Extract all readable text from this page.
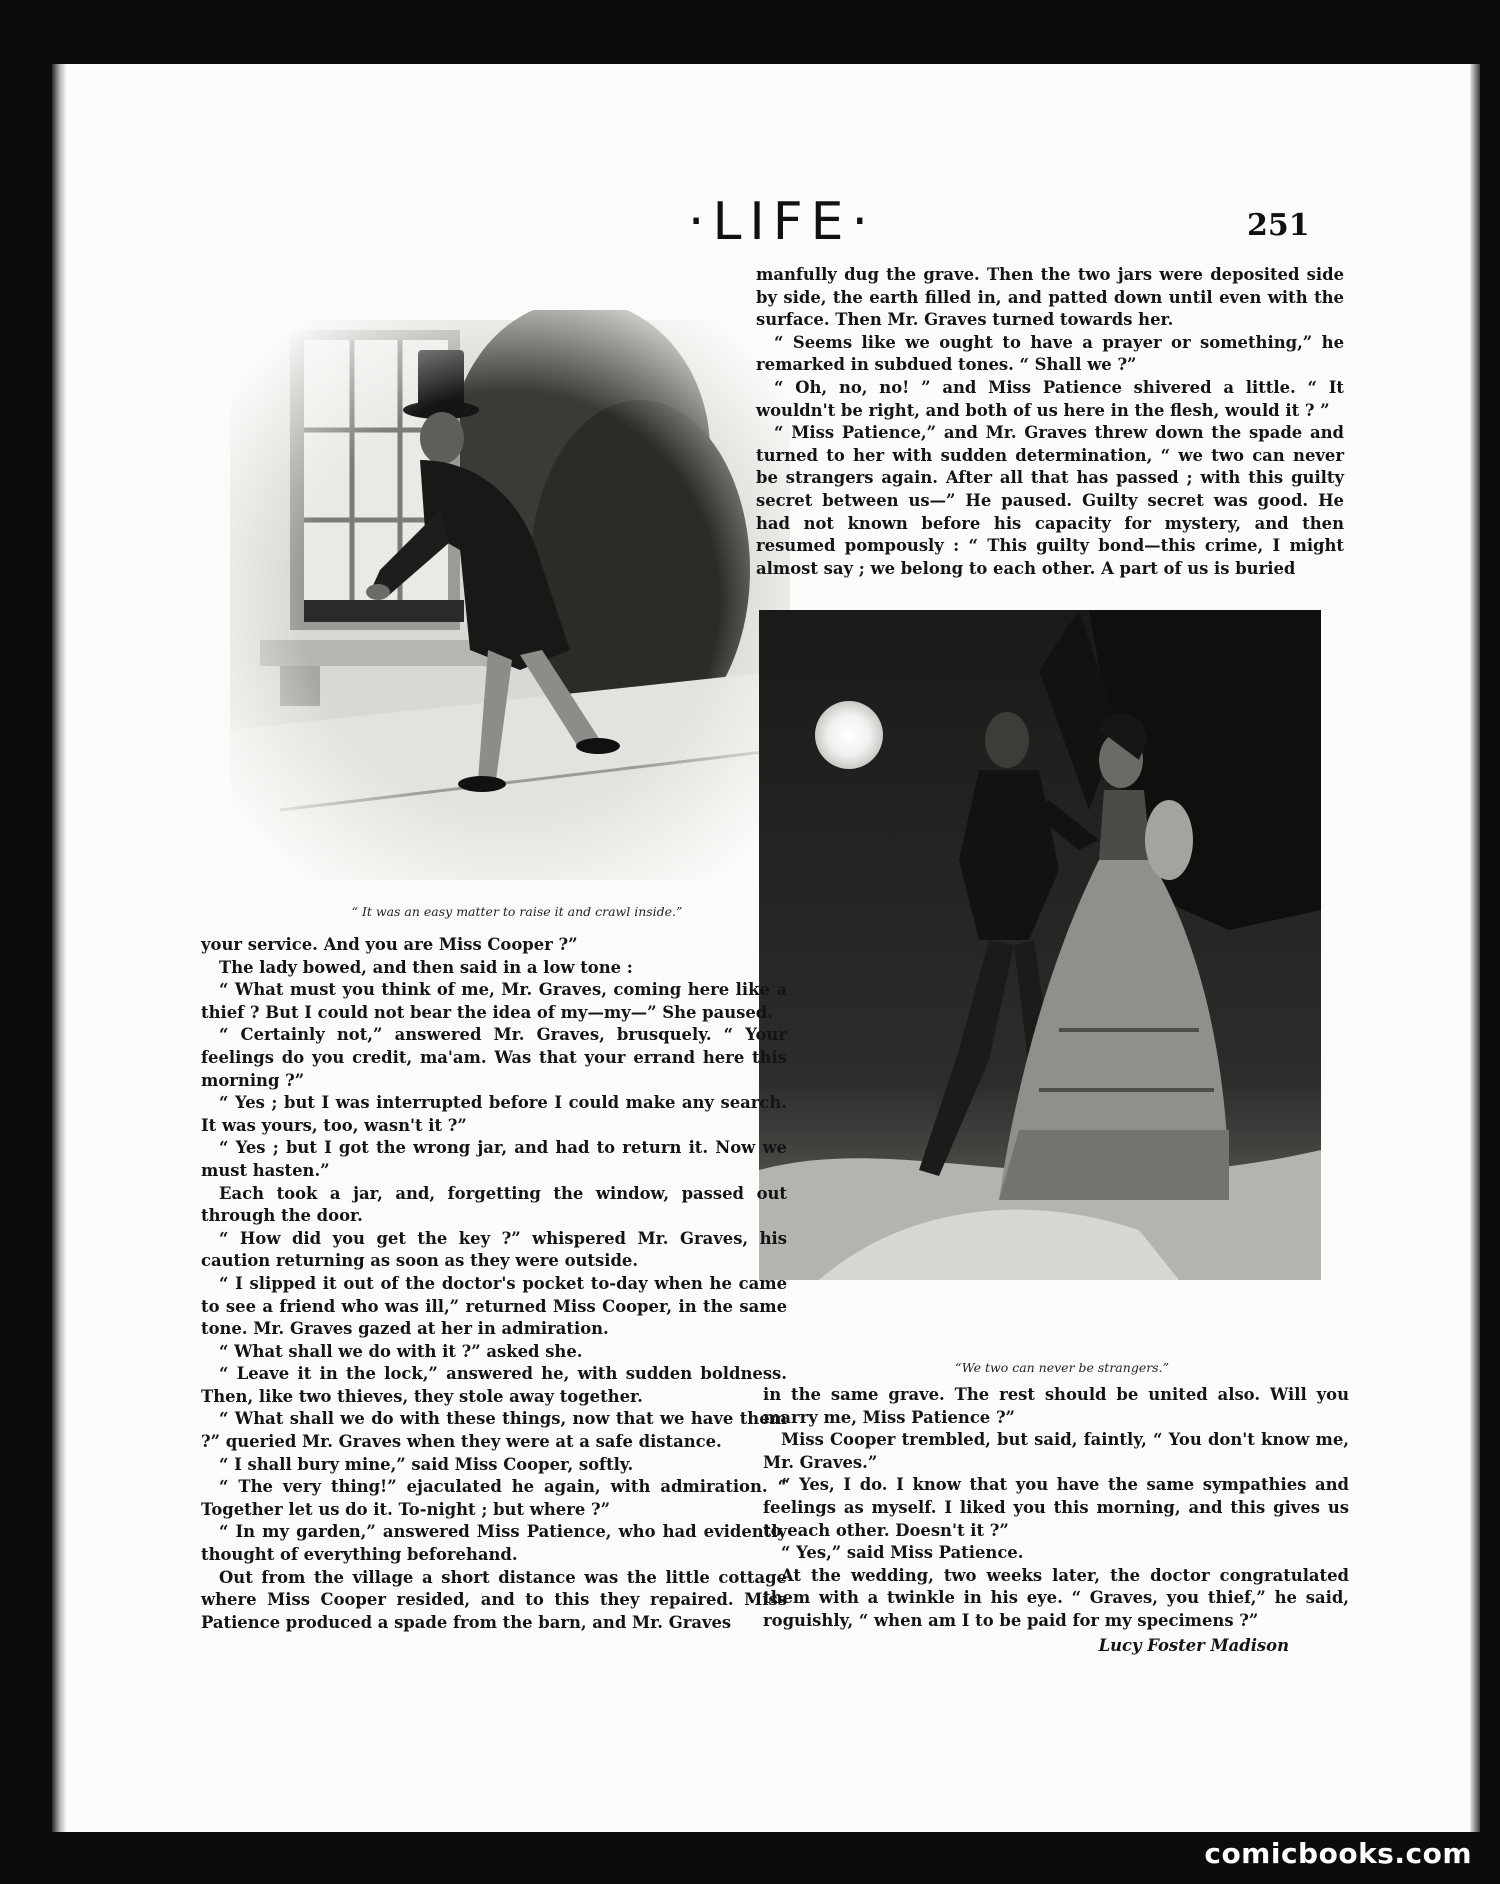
·LIFE·	251
“ It was an easy matter to raise it and crawl inside.”

manfully dug the grave. Then the two jars were deposited side by side, the earth filled in, and patted down until even with the surface. Then Mr. Graves turned towards her.

“ Seems like we ought to have a prayer or something,” he remarked in subdued tones. “ Shall we ?”

“ Oh, no, no! ” and Miss Patience shivered a little. “ It wouldn't be right, and both of us here in the flesh, would it ? ”

“ Miss Patience,” and Mr. Graves threw down the spade and turned to her with sudden determination, “ we two can never be strangers again. After all that has passed ; with this guilty secret between us—” He paused. Guilty secret was good. He had not known before his capacity for mystery, and then resumed pompously : “ This guilty bond—this crime, I might almost say ; we belong to each other. A part of us is buried

“We two can never be strangers.”

your service. And you are Miss Cooper ?”

The lady bowed, and then said in a low tone :

“ What must you think of me, Mr. Graves, coming here like a thief ? But I could not bear the idea of my—my—” She paused.

“ Certainly not,” answered Mr. Graves, brusquely. “ Your feelings do you credit, ma'am. Was that your errand here this morning ?”

“ Yes ; but I was interrupted before I could make any search. It was yours, too, wasn't it ?”

“ Yes ; but I got the wrong jar, and had to return it. Now we must hasten.”

Each took a jar, and, forgetting the window, passed out through the door.

“ How did you get the key ?” whispered Mr. Graves, his caution returning as soon as they were outside.

“ I slipped it out of the doctor's pocket to-day when he came to see a friend who was ill,” returned Miss Cooper, in the same tone. Mr. Graves gazed at her in admiration.

“ What shall we do with it ?” asked she.

“ Leave it in the lock,” answered he, with sudden boldness. Then, like two thieves, they stole away together.

“ What shall we do with these things, now that we have them ?” queried Mr. Graves when they were at a safe distance.

“ I shall bury mine,” said Miss Cooper, softly.

“ The very thing!” ejaculated he again, with admiration. “ Together let us do it. To-night ; but where ?”

“ In my garden,” answered Miss Patience, who had evidently thought of everything beforehand.

Out from the village a short distance was the little cottage where Miss Cooper resided, and to this they repaired. Miss Patience produced a spade from the barn, and Mr. Graves

in the same grave. The rest should be united also. Will you marry me, Miss Patience ?”

Miss Cooper trembled, but said, faintly, “ You don't know me, Mr. Graves.”

“ Yes, I do. I know that you have the same sympathies and feelings as myself. I liked you this morning, and this gives us to each other. Doesn't it ?”

“ Yes,” said Miss Patience.

At the wedding, two weeks later, the doctor congratulated them with a twinkle in his eye. “ Graves, you thief,” he said, roguishly, “ when am I to be paid for my specimens ?”

Lucy Foster Madison
comicbooks.com
